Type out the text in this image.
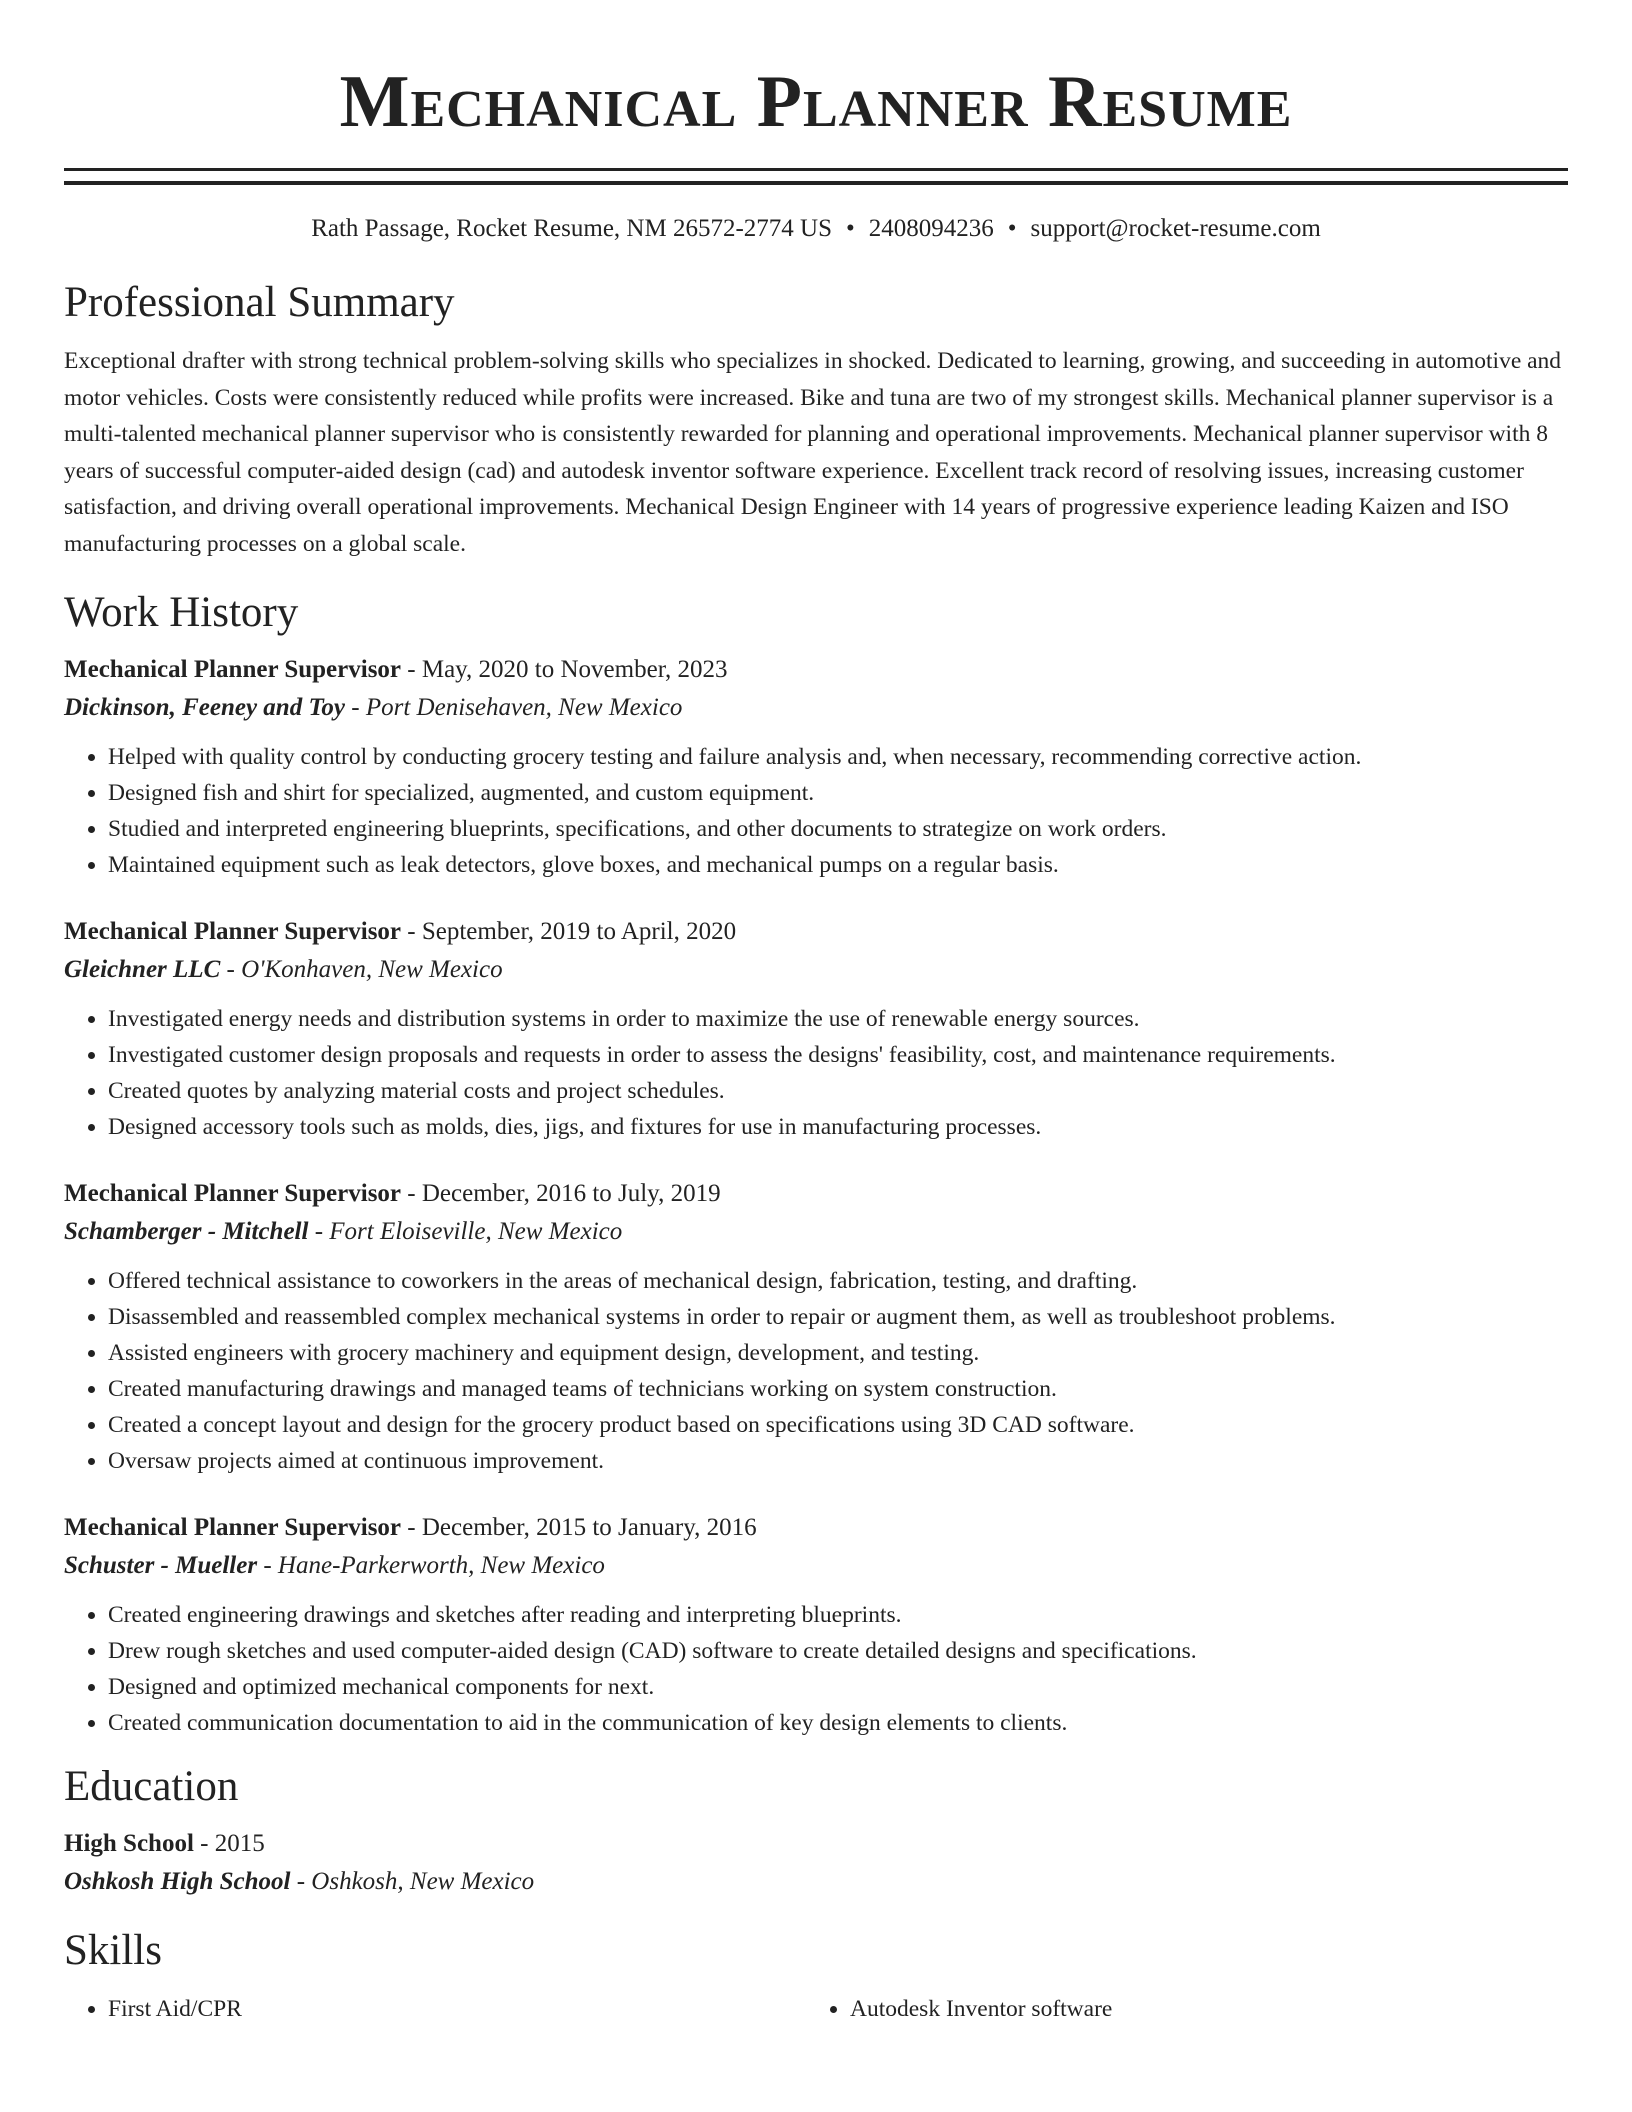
Mechanical Planner Resume
Rath Passage, Rocket Resume, NM 26572-2774 US • 2408094236 • support@rocket-resume.com
Professional Summary

Exceptional drafter with strong technical problem-solving skills who specializes in shocked. Dedicated to learning, growing, and succeeding in automotive and motor vehicles. Costs were consistently reduced while profits were increased. Bike and tuna are two of my strongest skills. Mechanical planner supervisor is a multi-talented mechanical planner supervisor who is consistently rewarded for planning and operational improvements. Mechanical planner supervisor with 8 years of successful computer-aided design (cad) and autodesk inventor software experience. Excellent track record of resolving issues, increasing customer satisfaction, and driving overall operational improvements. Mechanical Design Engineer with 14 years of progressive experience leading Kaizen and ISO manufacturing processes on a global scale.

Work History
Mechanical Planner Supervisor - May, 2020 to November, 2023
Dickinson, Feeney and Toy - Port Denisehaven, New Mexico
• Helped with quality control by conducting grocery testing and failure analysis and, when necessary, recommending corrective action.
• Designed fish and shirt for specialized, augmented, and custom equipment.
• Studied and interpreted engineering blueprints, specifications, and other documents to strategize on work orders.
• Maintained equipment such as leak detectors, glove boxes, and mechanical pumps on a regular basis.
Mechanical Planner Supervisor - September, 2019 to April, 2020
Gleichner LLC - O'Konhaven, New Mexico
• Investigated energy needs and distribution systems in order to maximize the use of renewable energy sources.
• Investigated customer design proposals and requests in order to assess the designs' feasibility, cost, and maintenance requirements.
• Created quotes by analyzing material costs and project schedules.
• Designed accessory tools such as molds, dies, jigs, and fixtures for use in manufacturing processes.
Mechanical Planner Supervisor - December, 2016 to July, 2019
Schamberger - Mitchell - Fort Eloiseville, New Mexico
• Offered technical assistance to coworkers in the areas of mechanical design, fabrication, testing, and drafting.
• Disassembled and reassembled complex mechanical systems in order to repair or augment them, as well as troubleshoot problems.
• Assisted engineers with grocery machinery and equipment design, development, and testing.
• Created manufacturing drawings and managed teams of technicians working on system construction.
• Created a concept layout and design for the grocery product based on specifications using 3D CAD software.
• Oversaw projects aimed at continuous improvement.
Mechanical Planner Supervisor - December, 2015 to January, 2016
Schuster - Mueller - Hane-Parkerworth, New Mexico
• Created engineering drawings and sketches after reading and interpreting blueprints.
• Drew rough sketches and used computer-aided design (CAD) software to create detailed designs and specifications.
• Designed and optimized mechanical components for next.
• Created communication documentation to aid in the communication of key design elements to clients.
Education
High School - 2015
Oshkosh High School - Oshkosh, New Mexico
Skills
• First Aid/CPR
•	Autodesk Inventor software
